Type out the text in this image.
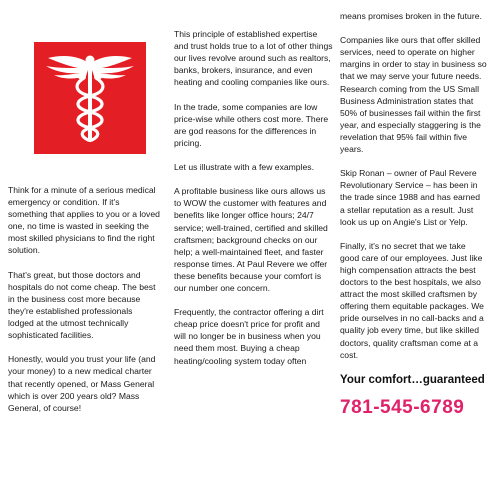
Think for a minute of a serious medical emergency or condition. If it's something that applies to you or a loved one, no time is wasted in seeking the most skilled physicians to find the right solution.

That's great, but those doctors and hospitals do not come cheap. The best in the business cost more because they're established professionals lodged at the utmost technically sophisticated facilities.

Honestly, would you trust your life (and your money) to a new medical charter that recently opened, or Mass General which is over 200 years old? Mass General, of course!

This principle of established expertise and trust holds true to a lot of other things our lives revolve around such as realtors, banks, brokers, insurance, and even heating and cooling companies like ours.

In the trade, some companies are low price-wise while others cost more. There are god reasons for the differences in pricing.

Let us illustrate with a few examples.

A profitable business like ours allows us to WOW the customer with features and benefits like longer office hours; 24/7 service; well-trained, certified and skilled craftsmen; background checks on our help; a well-maintained fleet, and faster response times. At Paul Revere we offer these benefits because your comfort is our number one concern.

Frequently, the contractor offering a dirt cheap price doesn't price for profit and will no longer be in business when you need them most. Buying a cheap heating/cooling system today often

means promises broken in the future.

Companies like ours that offer skilled services, need to operate on higher margins in order to stay in business so that we may serve your future needs. Research coming from the US Small Business Administration states that 50% of businesses fail within the first year, and especially staggering is the revelation that 95% fail within five years.

Skip Ronan – owner of Paul Revere Revolutionary Service – has been in the trade since 1988 and has earned a stellar reputation as a result. Just look us up on Angie's List or Yelp.

Finally, it's no secret that we take good care of our employees. Just like high compensation attracts the best doctors to the best hospitals, we also attract the most skilled craftsmen by offering them equitable packages. We pride ourselves in no call-backs and a quality job every time, but like skilled doctors, quality craftsman come at a cost.

Your comfort…guaranteed
781-545-6789
